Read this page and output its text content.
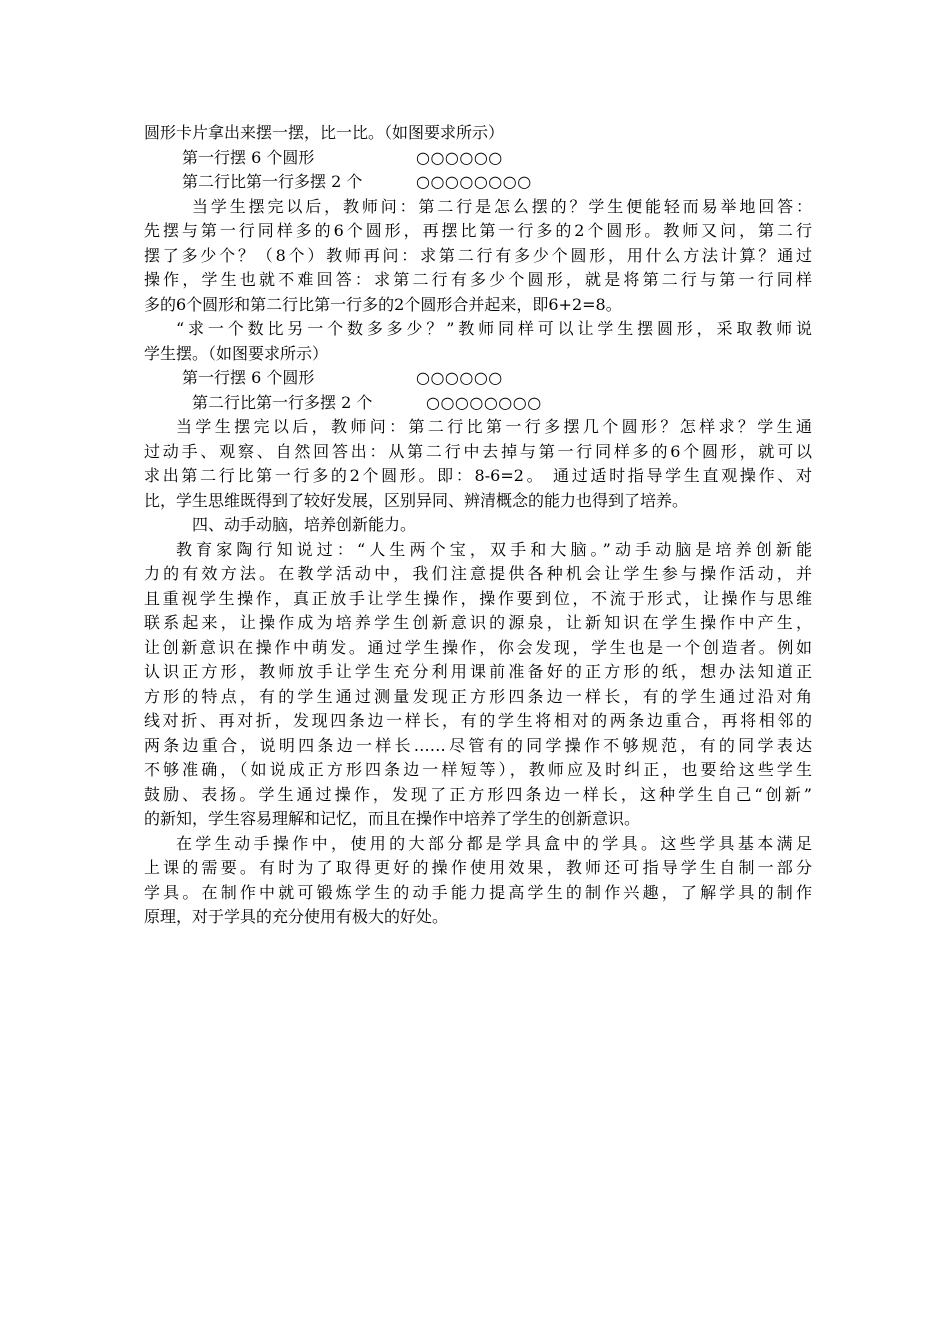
圆形卡片拿出来摆一摆，比一比。（如图要求所示）
第一行摆 6 个圆形	○○○○○○
第二行比第一行多摆 2 个	○○○○○○○○
当学生摆完以后，教师问：第二行是怎么摆的？学生便能轻而易举地回答：
先摆与第一行同样多的6个圆形，再摆比第一行多的2个圆形。教师又问，第二行
摆了多少个？（8个）教师再问：求第二行有多少个圆形，用什么方法计算？通过
操作，学生也就不难回答：求第二行有多少个圆形，就是将第二行与第一行同样
多的6个圆形和第二行比第一行多的2个圆形合并起来，即6+2=8。
“求一个数比另一个数多多少？”教师同样可以让学生摆圆形，采取教师说
学生摆。（如图要求所示）
第一行摆 6 个圆形	○○○○○○
第二行比第一行多摆 2 个	○○○○○○○○
当学生摆完以后，教师问：第二行比第一行多摆几个圆形？怎样求？学生通
过动手、观察、自然回答出：从第二行中去掉与第一行同样多的6个圆形，就可以
求出第二行比第一行多的2个圆形。即：8-6=2。 通过适时指导学生直观操作、对
比，学生思维既得到了较好发展，区别异同、辨清概念的能力也得到了培养。
四、动手动脑，培养创新能力。
教育家陶行知说过：“人生两个宝，双手和大脑。”动手动脑是培养创新能
力的有效方法。在教学活动中，我们注意提供各种机会让学生参与操作活动，并
且重视学生操作，真正放手让学生操作，操作要到位，不流于形式，让操作与思维
联系起来，让操作成为培养学生创新意识的源泉，让新知识在学生操作中产生，
让创新意识在操作中萌发。通过学生操作，你会发现，学生也是一个创造者。例如
认识正方形，教师放手让学生充分利用课前准备好的正方形的纸，想办法知道正
方形的特点，有的学生通过测量发现正方形四条边一样长，有的学生通过沿对角
线对折、再对折，发现四条边一样长，有的学生将相对的两条边重合，再将相邻的
两条边重合，说明四条边一样长……尽管有的同学操作不够规范，有的同学表达
不够准确，（如说成正方形四条边一样短等），教师应及时纠正，也要给这些学生
鼓励、表扬。学生通过操作，发现了正方形四条边一样长，这种学生自己“创新”
的新知，学生容易理解和记忆，而且在操作中培养了学生的创新意识。
在学生动手操作中，使用的大部分都是学具盒中的学具。这些学具基本满足
上课的需要。有时为了取得更好的操作使用效果，教师还可指导学生自制一部分
学具。在制作中就可锻炼学生的动手能力提高学生的制作兴趣，了解学具的制作
原理，对于学具的充分使用有极大的好处。
